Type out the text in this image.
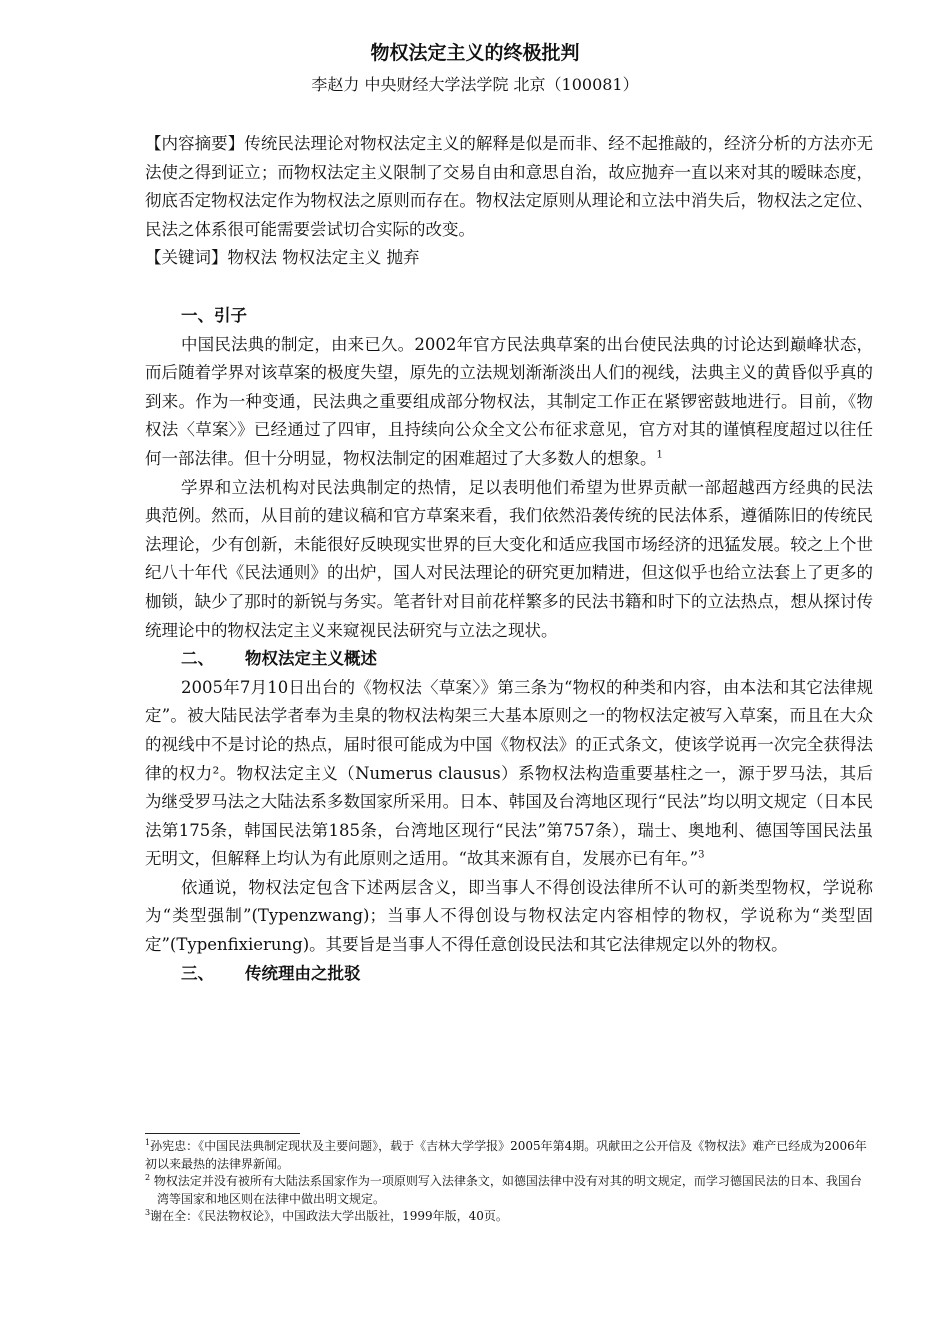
物权法定主义的终极批判
李赵力 中央财经大学法学院 北京（100081）

【内容摘要】传统民法理论对物权法定主义的解释是似是而非、经不起推敲的，经济分析的方法亦无法使之得到证立；而物权法定主义限制了交易自由和意思自治，故应抛弃一直以来对其的暧昧态度，彻底否定物权法定作为物权法之原则而存在。物权法定原则从理论和立法中消失后，物权法之定位、民法之体系很可能需要尝试切合实际的改变。

【关键词】物权法 物权法定主义 抛弃

一、引子

中国民法典的制定，由来已久。2002年官方民法典草案的出台使民法典的讨论达到巅峰状态，而后随着学界对该草案的极度失望，原先的立法规划渐渐淡出人们的视线，法典主义的黄昏似乎真的到来。作为一种变通，民法典之重要组成部分物权法，其制定工作正在紧锣密鼓地进行。目前，《物权法〈草案〉》已经通过了四审，且持续向公众全文公布征求意见，官方对其的谨慎程度超过以往任何一部法律。但十分明显，物权法制定的困难超过了大多数人的想象。$^1$

学界和立法机构对民法典制定的热情，足以表明他们希望为世界贡献一部超越西方经典的民法典范例。然而，从目前的建议稿和官方草案来看，我们依然沿袭传统的民法体系，遵循陈旧的传统民法理论，少有创新，未能很好反映现实世界的巨大变化和适应我国市场经济的迅猛发展。较之上个世纪八十年代《民法通则》的出炉，国人对民法理论的研究更加精进，但这似乎也给立法套上了更多的枷锁，缺少了那时的新锐与务实。笔者针对目前花样繁多的民法书籍和时下的立法热点，想从探讨传统理论中的物权法定主义来窥视民法研究与立法之现状。

二、 物权法定主义概述

2005年7月10日出台的《物权法〈草案〉》第三条为“物权的种类和内容，由本法和其它法律规定”。被大陆民法学者奉为圭臬的物权法构架三大基本原则之一的物权法定被写入草案，而且在大众的视线中不是讨论的热点，届时很可能成为中国《物权法》的正式条文，使该学说再一次完全获得法律的权力²。物权法定主义（Numerus clausus）系物权法构造重要基柱之一，源于罗马法，其后为继受罗马法之大陆法系多数国家所采用。日本、韩国及台湾地区现行“民法”均以明文规定（日本民法第175条，韩国民法第185条，台湾地区现行“民法”第757条），瑞士、奥地利、德国等国民法虽无明文，但解释上均认为有此原则之适用。“故其来源有自，发展亦已有年。”$^3$

依通说，物权法定包含下述两层含义，即当事人不得创设法律所不认可的新类型物权，学说称为“类型强制”(Typenzwang)；当事人不得创设与物权法定内容相悖的物权，学说称为“类型固定”(Typenfixierung)。其要旨是当事人不得任意创设民法和其它法律规定以外的物权。

三、 传统理由之批驳

$^1$孙宪忠：《中国民法典制定现状及主要问题》，载于《吉林大学学报》2005年第4期。巩献田之公开信及《物权法》难产已经成为2006年初以来最热的法律界新闻。

$^2$ 物权法定并没有被所有大陆法系国家作为一项原则写入法律条文，如德国法律中没有对其的明文规定，而学习德国民法的日本、我国台湾等国家和地区则在法律中做出明文规定。

$^3$谢在全：《民法物权论》，中国政法大学出版社，1999年版，40页。
